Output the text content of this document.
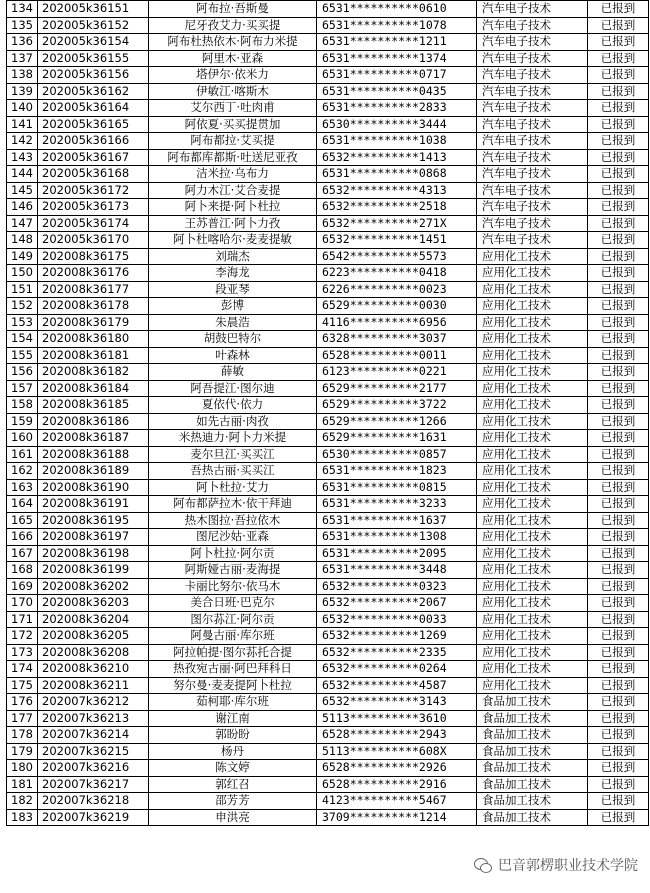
134	202005k36151	阿布拉·吾斯曼	6531**********0610	汽车电子技术	已报到
135	202005k36152	尼牙孜艾力·买买提	6531**********1078	汽车电子技术	已报到
136	202005k36154	阿布杜热依木·阿布力米提	6531**********1211	汽车电子技术	已报到
137	202005k36155	阿里木·亚森	6531**********1374	汽车电子技术	已报到
138	202005k36156	塔伊尔·依米力	6531**********0717	汽车电子技术	已报到
139	202005k36162	伊敏江·喀斯木	6531**********0435	汽车电子技术	已报到
140	202005k36164	艾尔西丁·吐肉甫	6531**********2833	汽车电子技术	已报到
141	202005k36165	阿依夏·买买提贯加	6530**********3444	汽车电子技术	已报到
142	202005k36166	阿布都拉·艾买提	6531**********1038	汽车电子技术	已报到
143	202005k36167	阿布都库都斯·吐送尼亚孜	6532**********1413	汽车电子技术	已报到
144	202005k36168	洁米拉·乌布力	6531**********0868	汽车电子技术	已报到
145	202005k36172	阿力木江·艾合麦提	6532**********4313	汽车电子技术	已报到
146	202005k36173	阿卜来提·阿卜杜拉	6532**********2518	汽车电子技术	已报到
147	202005k36174	王苏普江·阿卜力孜	6532**********271X	汽车电子技术	已报到
148	202005k36170	阿卜杜喀哈尔·麦麦提敏	6532**********1451	汽车电子技术	已报到
149	202008k36175	刘瑞杰	6542**********5573	应用化工技术	已报到
150	202008k36176	李海龙	6223**********0418	应用化工技术	已报到
151	202008k36177	段亚琴	6226**********0023	应用化工技术	已报到
152	202008k36178	彭博	6529**********0030	应用化工技术	已报到
153	202008k36179	朱晨浩	4116**********6956	应用化工技术	已报到
154	202008k36180	胡鼓巴特尔	6328**********3037	应用化工技术	已报到
155	202008k36181	叶森林	6528**********0011	应用化工技术	已报到
156	202008k36182	薛敏	6123**********0221	应用化工技术	已报到
157	202008k36184	阿吾提江·图尔迪	6529**********2177	应用化工技术	已报到
158	202008k36185	夏依代·依力	6529**********3722	应用化工技术	已报到
159	202008k36186	如先古丽·肉孜	6529**********1266	应用化工技术	已报到
160	202008k36187	米热迪力·阿卜力米提	6529**********1631	应用化工技术	已报到
161	202008k36188	麦尔旦江·买买江	6530**********0857	应用化工技术	已报到
162	202008k36189	吾热古丽·买买江	6531**********1823	应用化工技术	已报到
163	202008k36190	阿卜杜拉·艾力	6531**********0815	应用化工技术	已报到
164	202008k36191	阿布都萨拉木·依干拜迪	6531**********3233	应用化工技术	已报到
165	202008k36195	热木图拉·吾拉依木	6531**********1637	应用化工技术	已报到
166	202008k36197	图尼沙姑·亚森	6531**********1308	应用化工技术	已报到
167	202008k36198	阿卜杜拉·阿尔贡	6531**********2095	应用化工技术	已报到
168	202008k36199	阿斯娅古丽·麦海提	6531**********3448	应用化工技术	已报到
169	202008k36202	卡丽比努尔·依马木	6532**********0323	应用化工技术	已报到
170	202008k36203	美合日班·巴克尔	6532**********2067	应用化工技术	已报到
171	202008k36204	图尔荪江·阿尔贡	6532**********0033	应用化工技术	已报到
172	202008k36205	阿曼古丽·库尔班	6532**********1269	应用化工技术	已报到
173	202008k36208	阿拉帕提·图尔荪托合提	6532**********2335	应用化工技术	已报到
174	202008k36210	热孜宛古丽·阿巴拜科日	6532**********0264	应用化工技术	已报到
175	202008k36211	努尔曼·麦麦提阿卜杜拉	6532**********4587	应用化工技术	已报到
176	202007k36212	茹柯耶·库尔班	6532**********3143	食品加工技术	已报到
177	202007k36213	谢江南	5113**********3610	食品加工技术	已报到
178	202007k36214	郭盼盼	6528**********2943	食品加工技术	已报到
179	202007k36215	杨丹	5113**********608X	食品加工技术	已报到
180	202007k36216	陈文婷	6528**********2926	食品加工技术	已报到
181	202007k36217	郭红召	6528**********2916	食品加工技术	已报到
182	202007k36218	邵芳芳	4123**********5467	食品加工技术	已报到
183	202007k36219	申洪亮	3709**********1214	食品加工技术	已报到
巴音郭楞职业技术学院
